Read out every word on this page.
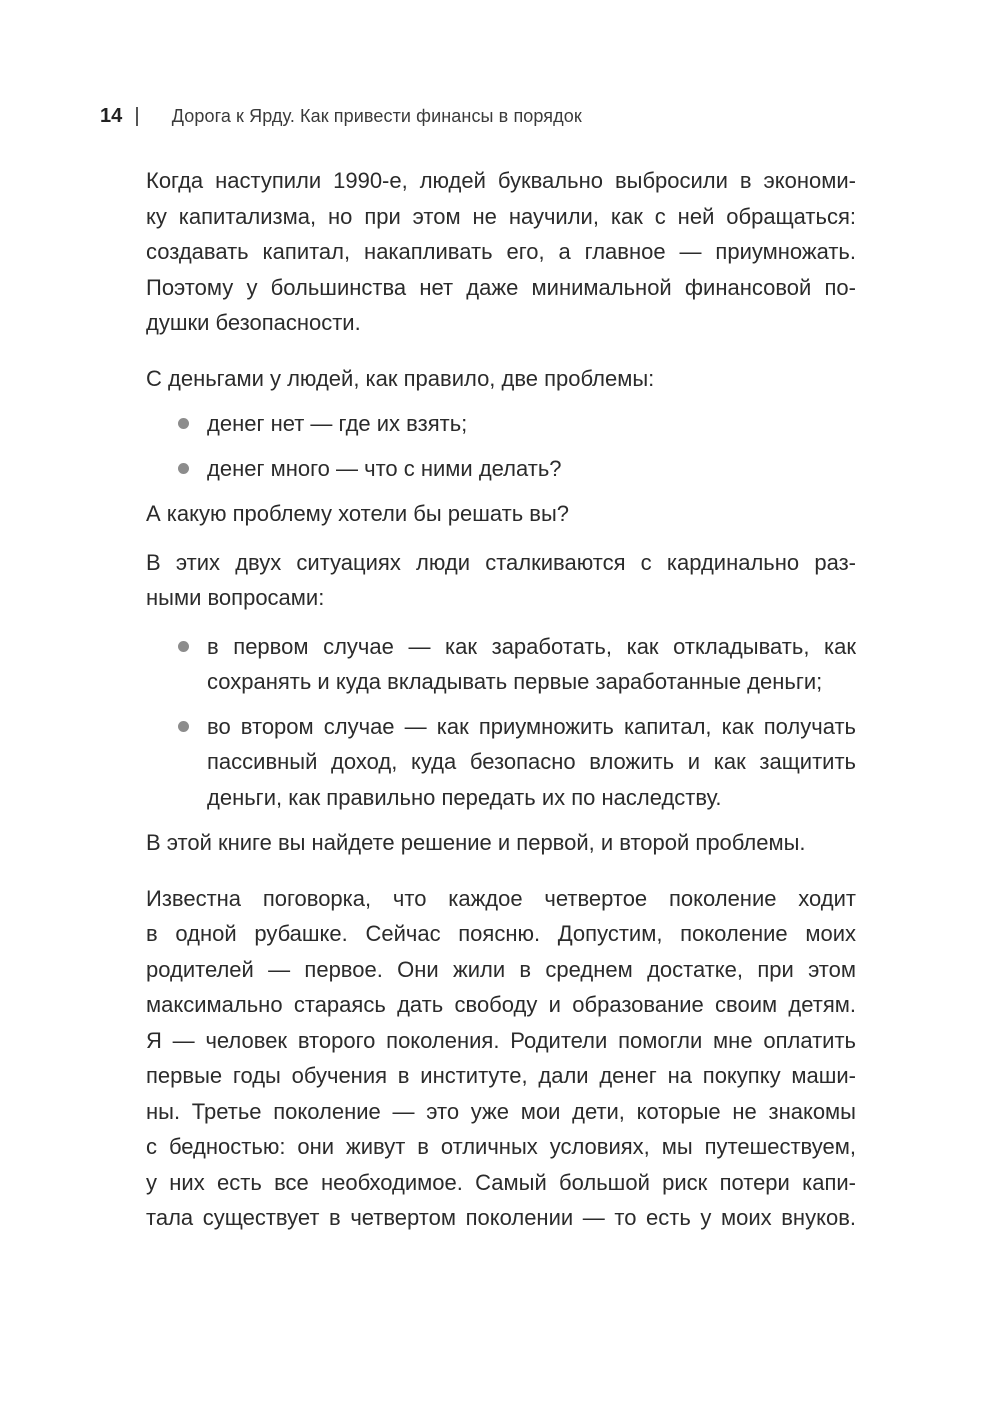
14	Дорога к Ярду. Как привести финансы в порядок

Когда наступили 1990-е, людей буквально выбросили в экономи-
ку капитализма, но при этом не научили, как с ней обращаться:
создавать капитал, накапливать его, а главное — приумножать.
Поэтому у большинства нет даже минимальной финансовой по-
душки безопасности.

С деньгами у людей, как правило, две проблемы:

денег нет — где их взять;
денег много — что с ними делать?

А какую проблему хотели бы решать вы?

В этих двух ситуациях люди сталкиваются с кардинально раз-
ными вопросами:

в первом случае — как заработать, как откладывать, как
сохранять и куда вкладывать первые заработанные деньги;
во втором случае — как приумножить капитал, как получать
пассивный доход, куда безопасно вложить и как защитить
деньги, как правильно передать их по наследству.

В этой книге вы найдете решение и первой, и второй проблемы.

Известна поговорка, что каждое четвертое поколение ходит
в одной рубашке. Сейчас поясню. Допустим, поколение моих
родителей — первое. Они жили в среднем достатке, при этом
максимально стараясь дать свободу и образование своим детям.
Я — человек второго поколения. Родители помогли мне оплатить
первые годы обучения в институте, дали денег на покупку маши-
ны. Третье поколение — это уже мои дети, которые не знакомы
с бедностью: они живут в отличных условиях, мы путешествуем,
у них есть все необходимое. Самый большой риск потери капи-
тала существует в четвертом поколении — то есть у моих внуков.
